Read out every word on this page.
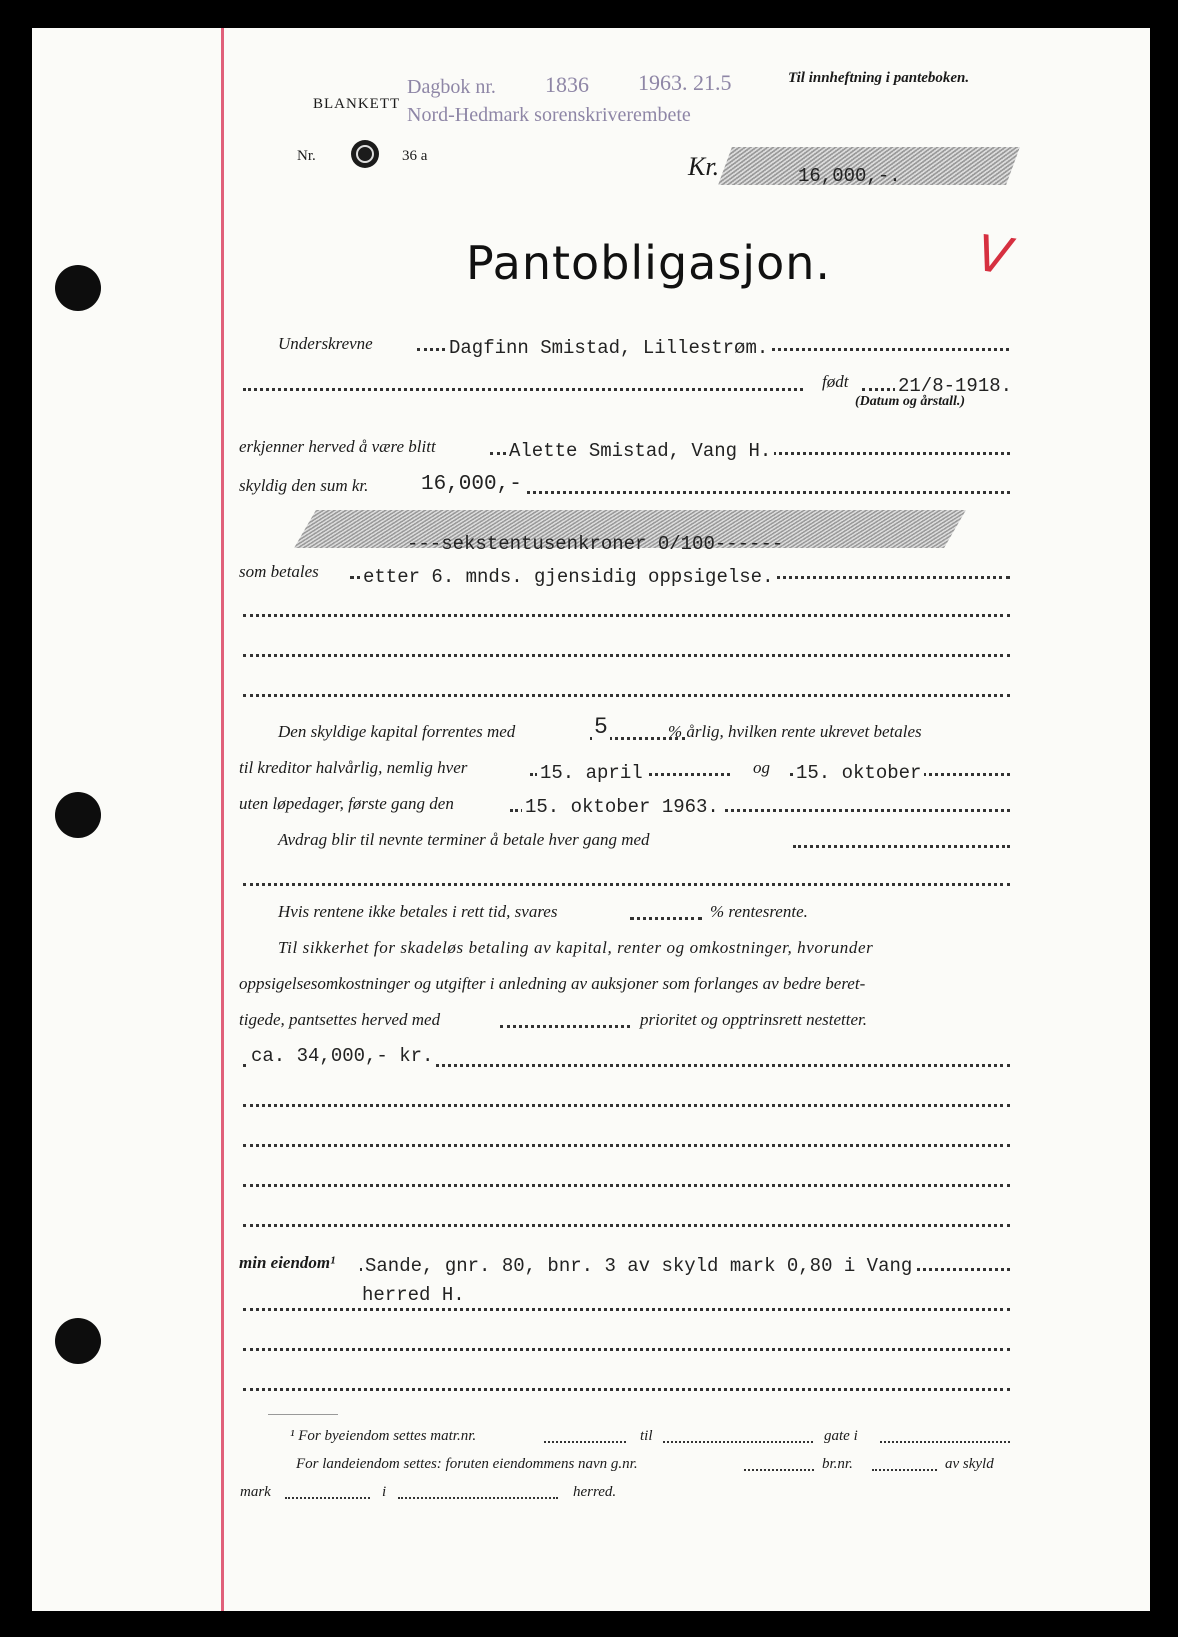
BLANKETT
Dagbok nr. 1836 1963. 21.5
Nord-Hedmark sorenskriverembete
Til innheftning i panteboken.
Nr.	36 a	Kr.	16,000,-.
Pantobligasjon.	V
Underskrevne	Dagfinn Smistad, Lillestrøm.
født	21/8-1918.
(Datum og årstall.)
erkjenner herved å være blitt	Alette Smistad, Vang H.
skyldig den sum kr.	16,000,-
---sekstentusenkroner 0/100------
som betales etter 6. mnds. gjensidig oppsigelse.
Den skyldige kapital forrentes med	5	% årlig, hvilken rente ukrevet betales
til kreditor halvårlig, nemlig hver	15. april	og 15. oktober
uten løpedager, første gang den	15. oktober 1963.
Avdrag blir til nevnte terminer å betale hver gang med
Hvis rentene ikke betales i rett tid, svares	% rentesrente.
Til sikkerhet for skadeløs betaling av kapital, renter og omkostninger, hvorunder
oppsigelsesomkostninger og utgifter i anledning av auksjoner som forlanges av bedre beret-
tigede, pantsettes herved med	prioritet og opptrinsrett nestetter.
ca. 34,000,- kr.
min eiendom¹ Sande, gnr. 80, bnr. 3 av skyld mark 0,80 i Vang
herred H.
¹ For byeiendom settes matr.nr.	til	gate i
For landeiendom settes: foruten eiendommens navn g.nr.	br.nr.	av skyld
mark	i	herred.
